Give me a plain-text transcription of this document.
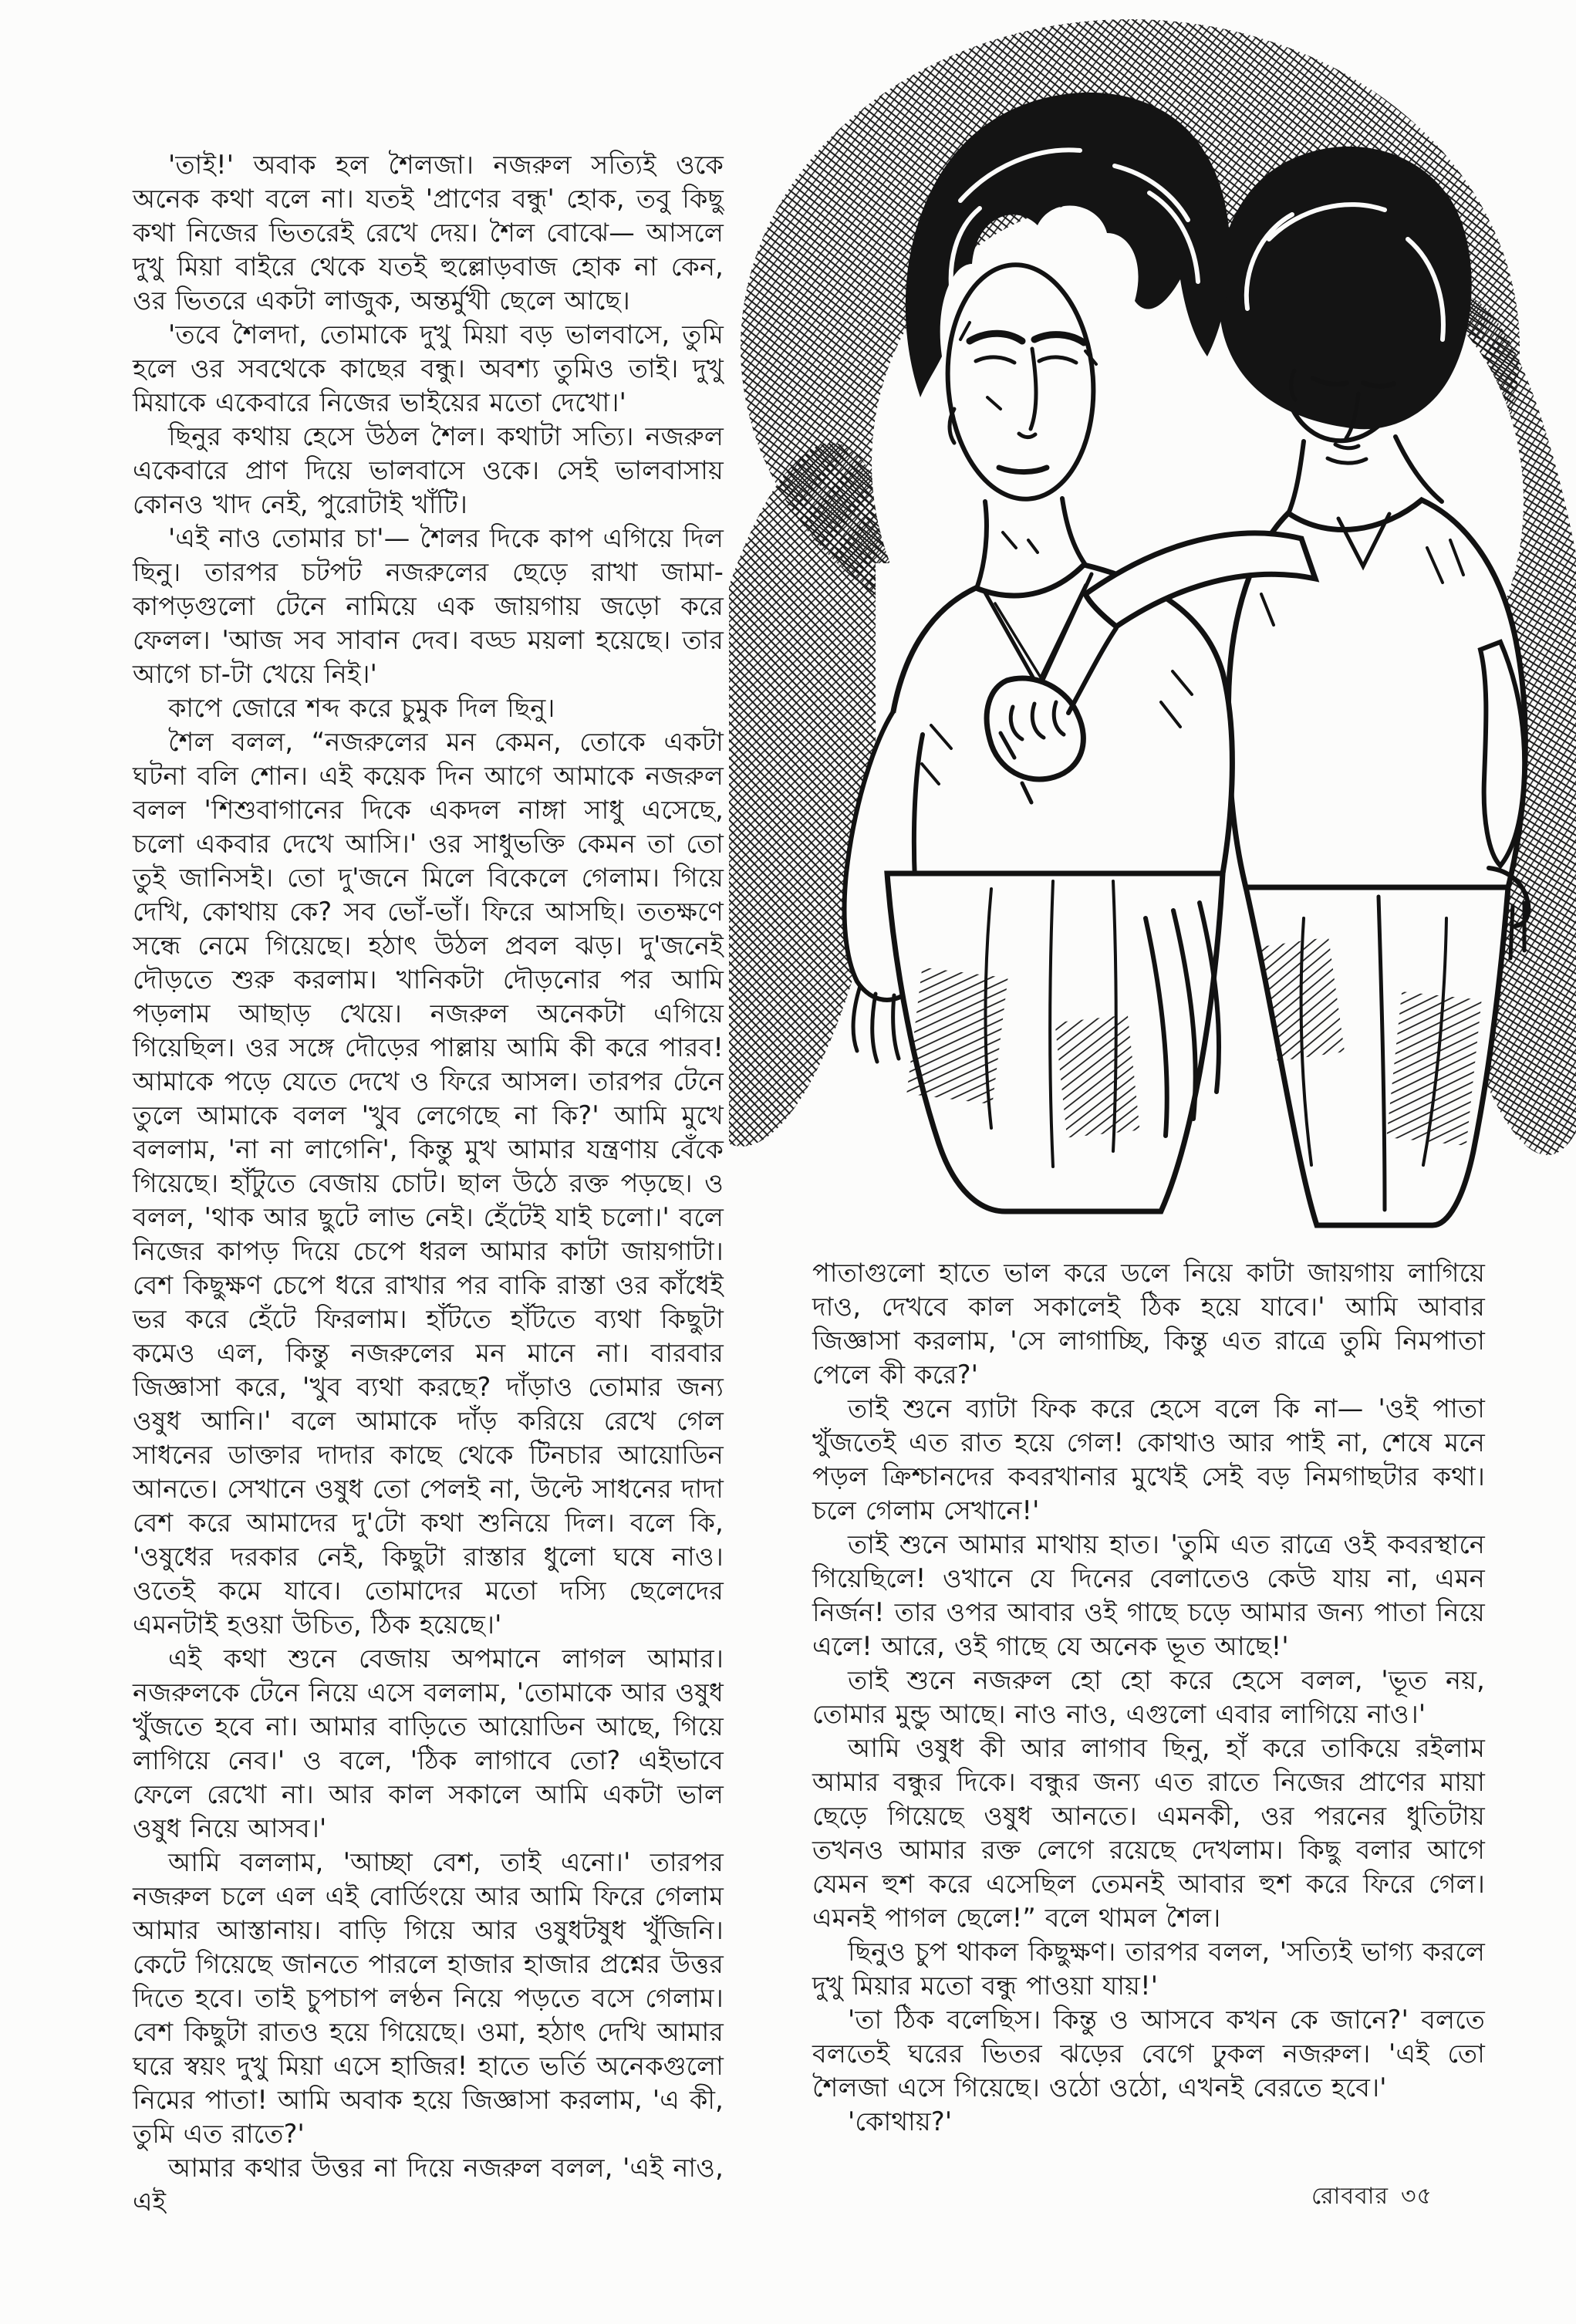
'তাই!' অবাক হল শৈলজা। নজরুল সত্যিই ওকে অনেক কথা বলে না। যতই 'প্রাণের বন্ধু' হোক, তবু কিছু কথা নিজের ভিতরেই রেখে দেয়। শৈল বোঝে— আসলে দুখু মিয়া বাইরে থেকে যতই হুল্লোড়বাজ হোক না কেন, ওর ভিতরে একটা লাজুক, অন্তর্মুখী ছেলে আছে।

'তবে শৈলদা, তোমাকে দুখু মিয়া বড় ভালবাসে, তুমি হলে ওর সবথেকে কাছের বন্ধু। অবশ্য তুমিও তাই। দুখু মিয়াকে একেবারে নিজের ভাইয়ের মতো দেখো।'

ছিনুর কথায় হেসে উঠল শৈল। কথাটা সত্যি। নজরুল একেবারে প্রাণ দিয়ে ভালবাসে ওকে। সেই ভালবাসায় কোনও খাদ নেই, পুরোটাই খাঁটি।

'এই নাও তোমার চা'— শৈলর দিকে কাপ এগিয়ে দিল ছিনু। তারপর চটপট নজরুলের ছেড়ে রাখা জামা-কাপড়গুলো টেনে নামিয়ে এক জায়গায় জড়ো করে ফেলল। 'আজ সব সাবান দেব। বড্ড ময়লা হয়েছে। তার আগে চা-টা খেয়ে নিই।'

কাপে জোরে শব্দ করে চুমুক দিল ছিনু।

শৈল বলল, “নজরুলের মন কেমন, তোকে একটা ঘটনা বলি শোন। এই কয়েক দিন আগে আমাকে নজরুল বলল 'শিশুবাগানের দিকে একদল নাঙ্গা সাধু এসেছে, চলো একবার দেখে আসি।' ওর সাধুভক্তি কেমন তা তো তুই জানিসই। তো দু'জনে মিলে বিকেলে গেলাম। গিয়ে দেখি, কোথায় কে? সব ভোঁ-ভাঁ। ফিরে আসছি। ততক্ষণে সন্ধে নেমে গিয়েছে। হঠাৎ উঠল প্রবল ঝড়। দু'জনেই দৌড়তে শুরু করলাম। খানিকটা দৌড়নোর পর আমি পড়লাম আছাড় খেয়ে। নজরুল অনেকটা এগিয়ে গিয়েছিল। ওর সঙ্গে দৌড়ের পাল্লায় আমি কী করে পারব! আমাকে পড়ে যেতে দেখে ও ফিরে আসল। তারপর টেনে তুলে আমাকে বলল 'খুব লেগেছে না কি?' আমি মুখে বললাম, 'না না লাগেনি', কিন্তু মুখ আমার যন্ত্রণায় বেঁকে গিয়েছে। হাঁটুতে বেজায় চোট। ছাল উঠে রক্ত পড়ছে। ও বলল, 'থাক আর ছুটে লাভ নেই। হেঁটেই যাই চলো।' বলে নিজের কাপড় দিয়ে চেপে ধরল আমার কাটা জায়গাটা। বেশ কিছুক্ষণ চেপে ধরে রাখার পর বাকি রাস্তা ওর কাঁধেই ভর করে হেঁটে ফিরলাম। হাঁটতে হাঁটতে ব্যথা কিছুটা কমেও এল, কিন্তু নজরুলের মন মানে না। বারবার জিজ্ঞাসা করে, 'খুব ব্যথা করছে? দাঁড়াও তোমার জন্য ওষুধ আনি।' বলে আমাকে দাঁড় করিয়ে রেখে গেল সাধনের ডাক্তার দাদার কাছে থেকে টিনচার আয়োডিন আনতে। সেখানে ওষুধ তো পেলই না, উল্টে সাধনের দাদা বেশ করে আমাদের দু'টো কথা শুনিয়ে দিল। বলে কি, 'ওষুধের দরকার নেই, কিছুটা রাস্তার ধুলো ঘষে নাও। ওতেই কমে যাবে। তোমাদের মতো দস্যি ছেলেদের এমনটাই হওয়া উচিত, ঠিক হয়েছে।'

এই কথা শুনে বেজায় অপমানে লাগল আমার। নজরুলকে টেনে নিয়ে এসে বললাম, 'তোমাকে আর ওষুধ খুঁজতে হবে না। আমার বাড়িতে আয়োডিন আছে, গিয়ে লাগিয়ে নেব।' ও বলে, 'ঠিক লাগাবে তো? এইভাবে ফেলে রেখো না। আর কাল সকালে আমি একটা ভাল ওষুধ নিয়ে আসব।'

আমি বললাম, 'আচ্ছা বেশ, তাই এনো।' তারপর নজরুল চলে এল এই বোর্ডিংয়ে আর আমি ফিরে গেলাম আমার আস্তানায়। বাড়ি গিয়ে আর ওষুধটষুধ খুঁজিনি। কেটে গিয়েছে জানতে পারলে হাজার হাজার প্রশ্নের উত্তর দিতে হবে। তাই চুপচাপ লণ্ঠন নিয়ে পড়তে বসে গেলাম। বেশ কিছুটা রাতও হয়ে গিয়েছে। ওমা, হঠাৎ দেখি আমার ঘরে স্বয়ং দুখু মিয়া এসে হাজির! হাতে ভর্তি অনেকগুলো নিমের পাতা! আমি অবাক হয়ে জিজ্ঞাসা করলাম, 'এ কী, তুমি এত রাতে?'

আমার কথার উত্তর না দিয়ে নজরুল বলল, 'এই নাও, এই

পাতাগুলো হাতে ভাল করে ডলে নিয়ে কাটা জায়গায় লাগিয়ে দাও, দেখবে কাল সকালেই ঠিক হয়ে যাবে।' আমি আবার জিজ্ঞাসা করলাম, 'সে লাগাচ্ছি, কিন্তু এত রাত্রে তুমি নিমপাতা পেলে কী করে?'

তাই শুনে ব্যাটা ফিক করে হেসে বলে কি না— 'ওই পাতা খুঁজতেই এত রাত হয়ে গেল! কোথাও আর পাই না, শেষে মনে পড়ল ক্রিশ্চানদের কবরখানার মুখেই সেই বড় নিমগাছটার কথা। চলে গেলাম সেখানে!'

তাই শুনে আমার মাথায় হাত। 'তুমি এত রাত্রে ওই কবরস্থানে গিয়েছিলে! ওখানে যে দিনের বেলাতেও কেউ যায় না, এমন নির্জন! তার ওপর আবার ওই গাছে চড়ে আমার জন্য পাতা নিয়ে এলে! আরে, ওই গাছে যে অনেক ভূত আছে!'

তাই শুনে নজরুল হো হো করে হেসে বলল, 'ভূত নয়, তোমার মুন্ডু আছে। নাও নাও, এগুলো এবার লাগিয়ে নাও।'

আমি ওষুধ কী আর লাগাব ছিনু, হাঁ করে তাকিয়ে রইলাম আমার বন্ধুর দিকে। বন্ধুর জন্য এত রাতে নিজের প্রাণের মায়া ছেড়ে গিয়েছে ওষুধ আনতে। এমনকী, ওর পরনের ধুতিটায় তখনও আমার রক্ত লেগে রয়েছে দেখলাম। কিছু বলার আগে যেমন হুশ করে এসেছিল তেমনই আবার হুশ করে ফিরে গেল। এমনই পাগল ছেলে!” বলে থামল শৈল।

ছিনুও চুপ থাকল কিছুক্ষণ। তারপর বলল, 'সত্যিই ভাগ্য করলে দুখু মিয়ার মতো বন্ধু পাওয়া যায়!'

'তা ঠিক বলেছিস। কিন্তু ও আসবে কখন কে জানে?' বলতে বলতেই ঘরের ভিতর ঝড়ের বেগে ঢুকল নজরুল। 'এই তো শৈলজা এসে গিয়েছে। ওঠো ওঠো, এখনই বেরতে হবে।'

'কোথায়?'

রোববার ৩৫
